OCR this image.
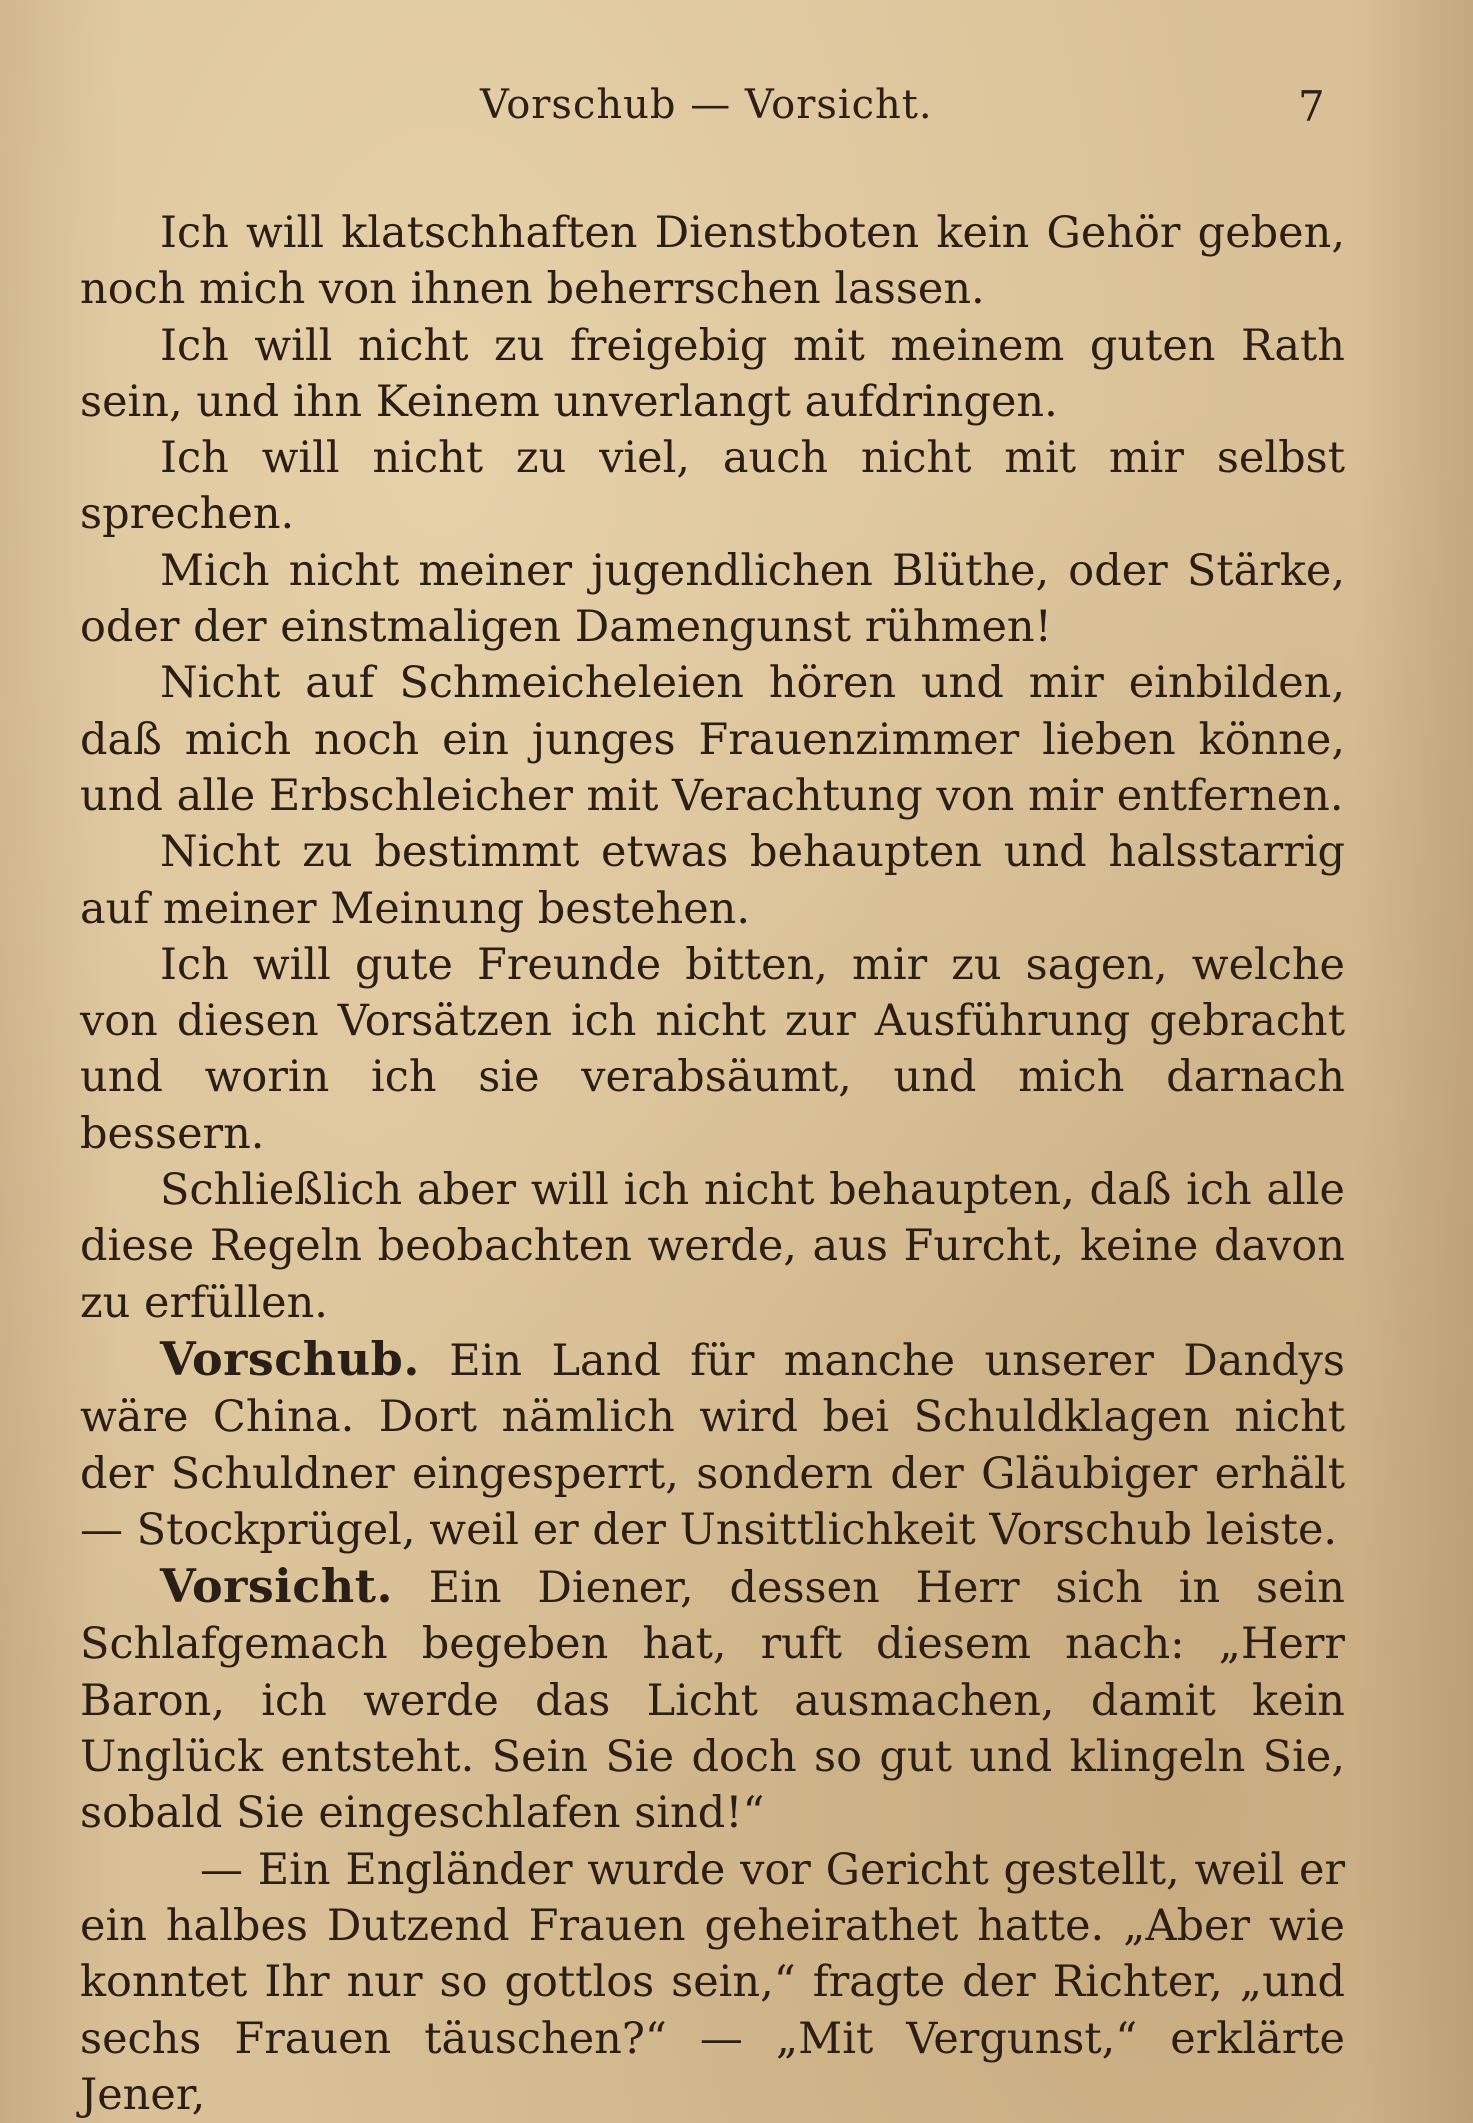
Vorschub — Vorsicht.	7

Ich will klatschhaften Dienstboten kein Gehör geben, noch mich von ihnen beherrschen lassen.

Ich will nicht zu freigebig mit meinem guten Rath sein, und ihn Keinem unverlangt aufdringen.

Ich will nicht zu viel, auch nicht mit mir selbst sprechen.

Mich nicht meiner jugendlichen Blüthe, oder Stärke, oder der einstmaligen Damengunst rühmen!

Nicht auf Schmeicheleien hören und mir einbilden, daß mich noch ein junges Frauenzimmer lieben könne, und alle Erbschleicher mit Verachtung von mir entfernen.

Nicht zu bestimmt etwas behaupten und halsstarrig auf meiner Meinung bestehen.

Ich will gute Freunde bitten, mir zu sagen, welche von diesen Vorsätzen ich nicht zur Ausführung gebracht und worin ich sie verabsäumt, und mich darnach bessern.

Schließlich aber will ich nicht behaupten, daß ich alle diese Regeln beobachten werde, aus Furcht, keine davon zu erfüllen.

Vorschub. Ein Land für manche unserer Dandys wäre China. Dort nämlich wird bei Schuldklagen nicht der Schuldner eingesperrt, sondern der Gläubiger erhält — Stockprügel, weil er der Unsittlichkeit Vorschub leiste.

Vorsicht. Ein Diener, dessen Herr sich in sein Schlafgemach begeben hat, ruft diesem nach: „Herr Baron, ich werde das Licht ausmachen, damit kein Unglück entsteht. Sein Sie doch so gut und klingeln Sie, sobald Sie eingeschlafen sind!“

— Ein Engländer wurde vor Gericht gestellt, weil er ein halbes Dutzend Frauen geheirathet hatte. „Aber wie konntet Ihr nur so gottlos sein,“ fragte der Richter, „und sechs Frauen täuschen?“ — „Mit Vergunst,“ erklärte Jener,
